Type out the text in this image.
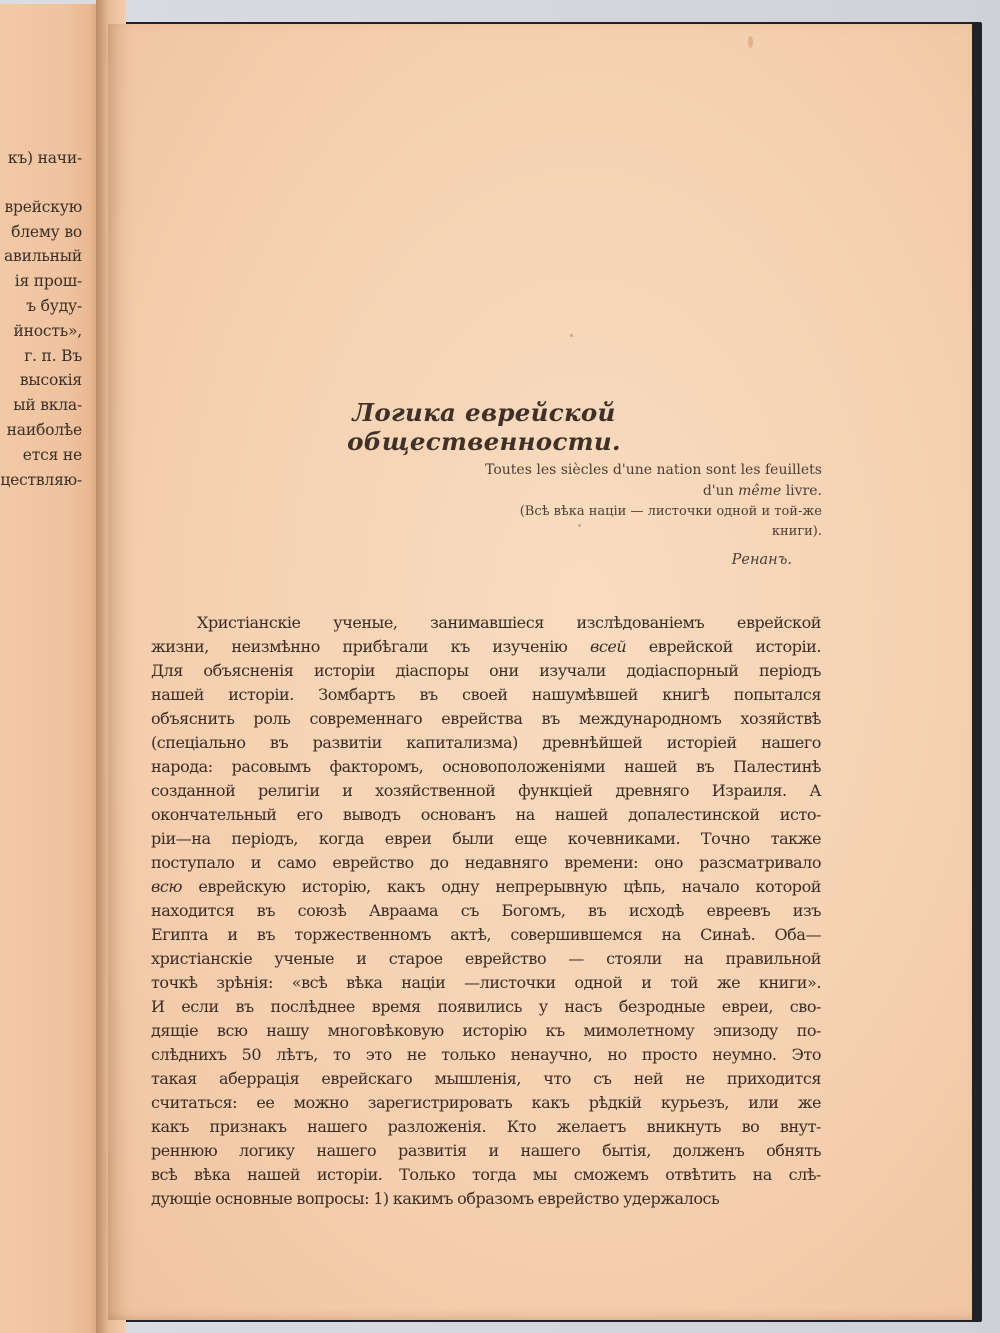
къ) начи-

врейскую
блему во
авильный
ія прош-
ъ буду-
йность»,
г. п. Въ
высокія
ый вкла-
наиболѣе
ется не
цествляю-
Логика еврейской общественности.
Toutes les siècles d'une nation sont les feuillets
d'un même livre.
(Всѣ вѣка націи — листочки одной и той-же
книги).
Ренанъ.
Христіанскіе ученые, занимавшіеся изслѣдованіемъ еврейской
жизни, неизмѣнно прибѣгали къ изученію всей еврейской исторіи.
Для объясненія исторіи діаспоры они изучали додіаспорный періодъ
нашей исторіи. Зомбартъ въ своей нашумѣвшей книгѣ попытался
объяснить роль современнаго еврейства въ международномъ хозяйствѣ
(спеціально въ развитіи капитализма) древнѣйшей исторіей нашего
народа: расовымъ факторомъ, основоположеніями нашей въ Палестинѣ
созданной религіи и хозяйственной функціей древняго Израиля. А
окончательный его выводъ основанъ на нашей допалестинской исто-
ріи—на періодъ, когда евреи были еще кочевниками. Точно также
поступало и само еврейство до недавняго времени: оно разсматривало
всю еврейскую исторію, какъ одну непрерывную цѣпь, начало которой
находится въ союзѣ Авраама съ Богомъ, въ исходѣ евреевъ изъ
Египта и въ торжественномъ актѣ, совершившемся на Синаѣ. Оба—
христіанскіе ученые и старое еврейство — стояли на правильной
точкѣ зрѣнія: «всѣ вѣка націи —листочки одной и той же книги».
И если въ послѣднее время появились у насъ безродные евреи, сво-
дящіе всю нашу многовѣковую исторію къ мимолетному эпизоду по-
слѣднихъ 50 лѣтъ, то это не только ненаучно, но просто неумно. Это
такая аберрація еврейскаго мышленія, что съ ней не приходится
считаться: ее можно зарегистрировать какъ рѣдкій курьезъ, или же
какъ признакъ нашего разложенія. Кто желаетъ вникнуть во внут-
реннюю логику нашего развитія и нашего бытія, долженъ обнять
всѣ вѣка нашей исторіи. Только тогда мы сможемъ отвѣтить на слѣ-
дующіе основные вопросы: 1) какимъ образомъ еврейство удержалось
